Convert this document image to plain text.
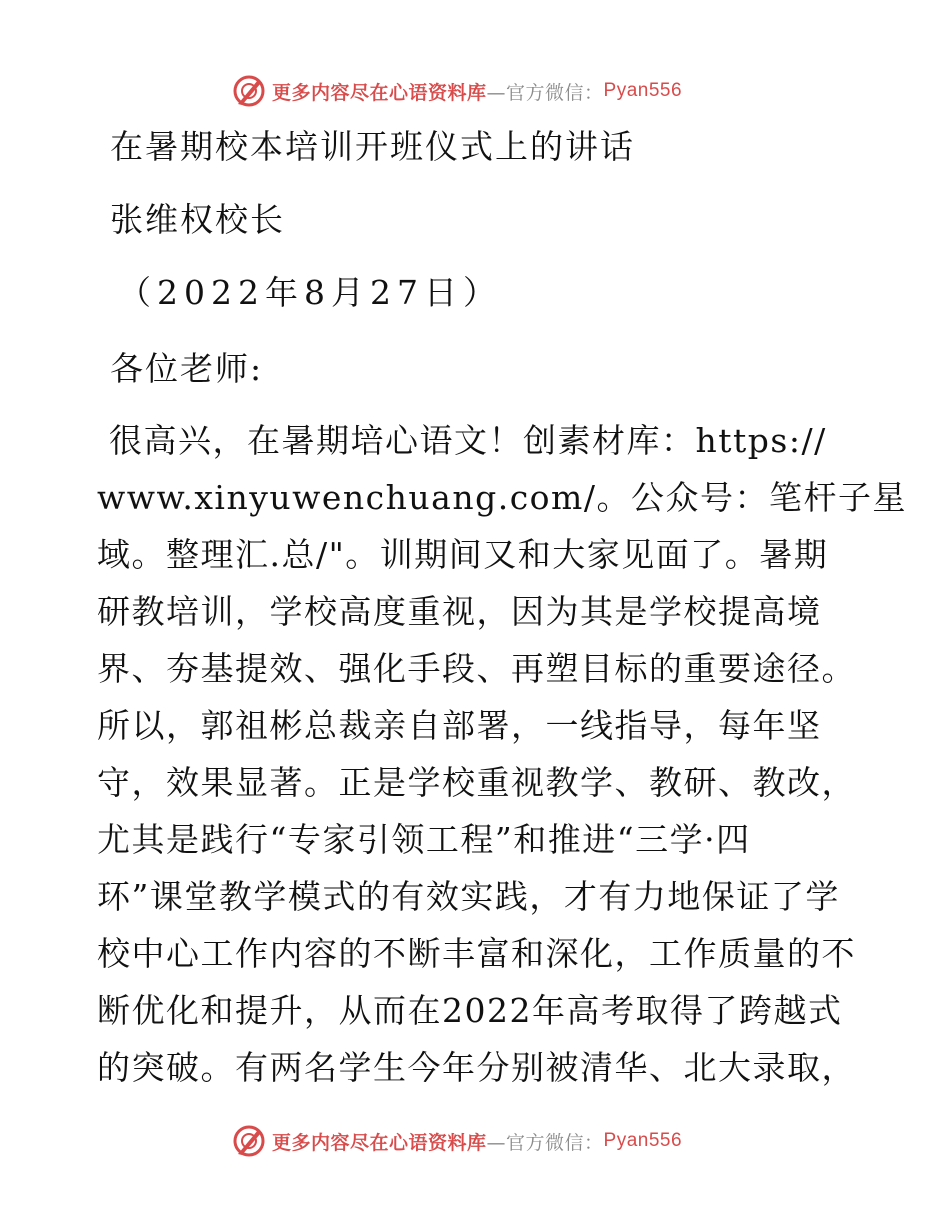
更多内容尽在心语资料库 —官方微信： Pyan556
在暑期校本培训开班仪式上的讲话
张维权校长
（2022年8月27日）
各位老师:
很高兴，在暑期培心语文！创素材库：https://
www.xinyuwenchuang.com/。公众号：笔杆子星
域。整理汇.总/"。训期间又和大家见面了。暑期
研教培训，学校高度重视，因为其是学校提高境
界、夯基提效、强化手段、再塑目标的重要途径。
所以，郭祖彬总裁亲自部署，一线指导，每年坚
守，效果显著。正是学校重视教学、教研、教改，
尤其是践行“专家引领工程”和推进“三学·四
环”课堂教学模式的有效实践，才有力地保证了学
校中心工作内容的不断丰富和深化，工作质量的不
断优化和提升，从而在2022年高考取得了跨越式
的突破。有两名学生今年分别被清华、北大录取，
更多内容尽在心语资料库 —官方微信： Pyan556
